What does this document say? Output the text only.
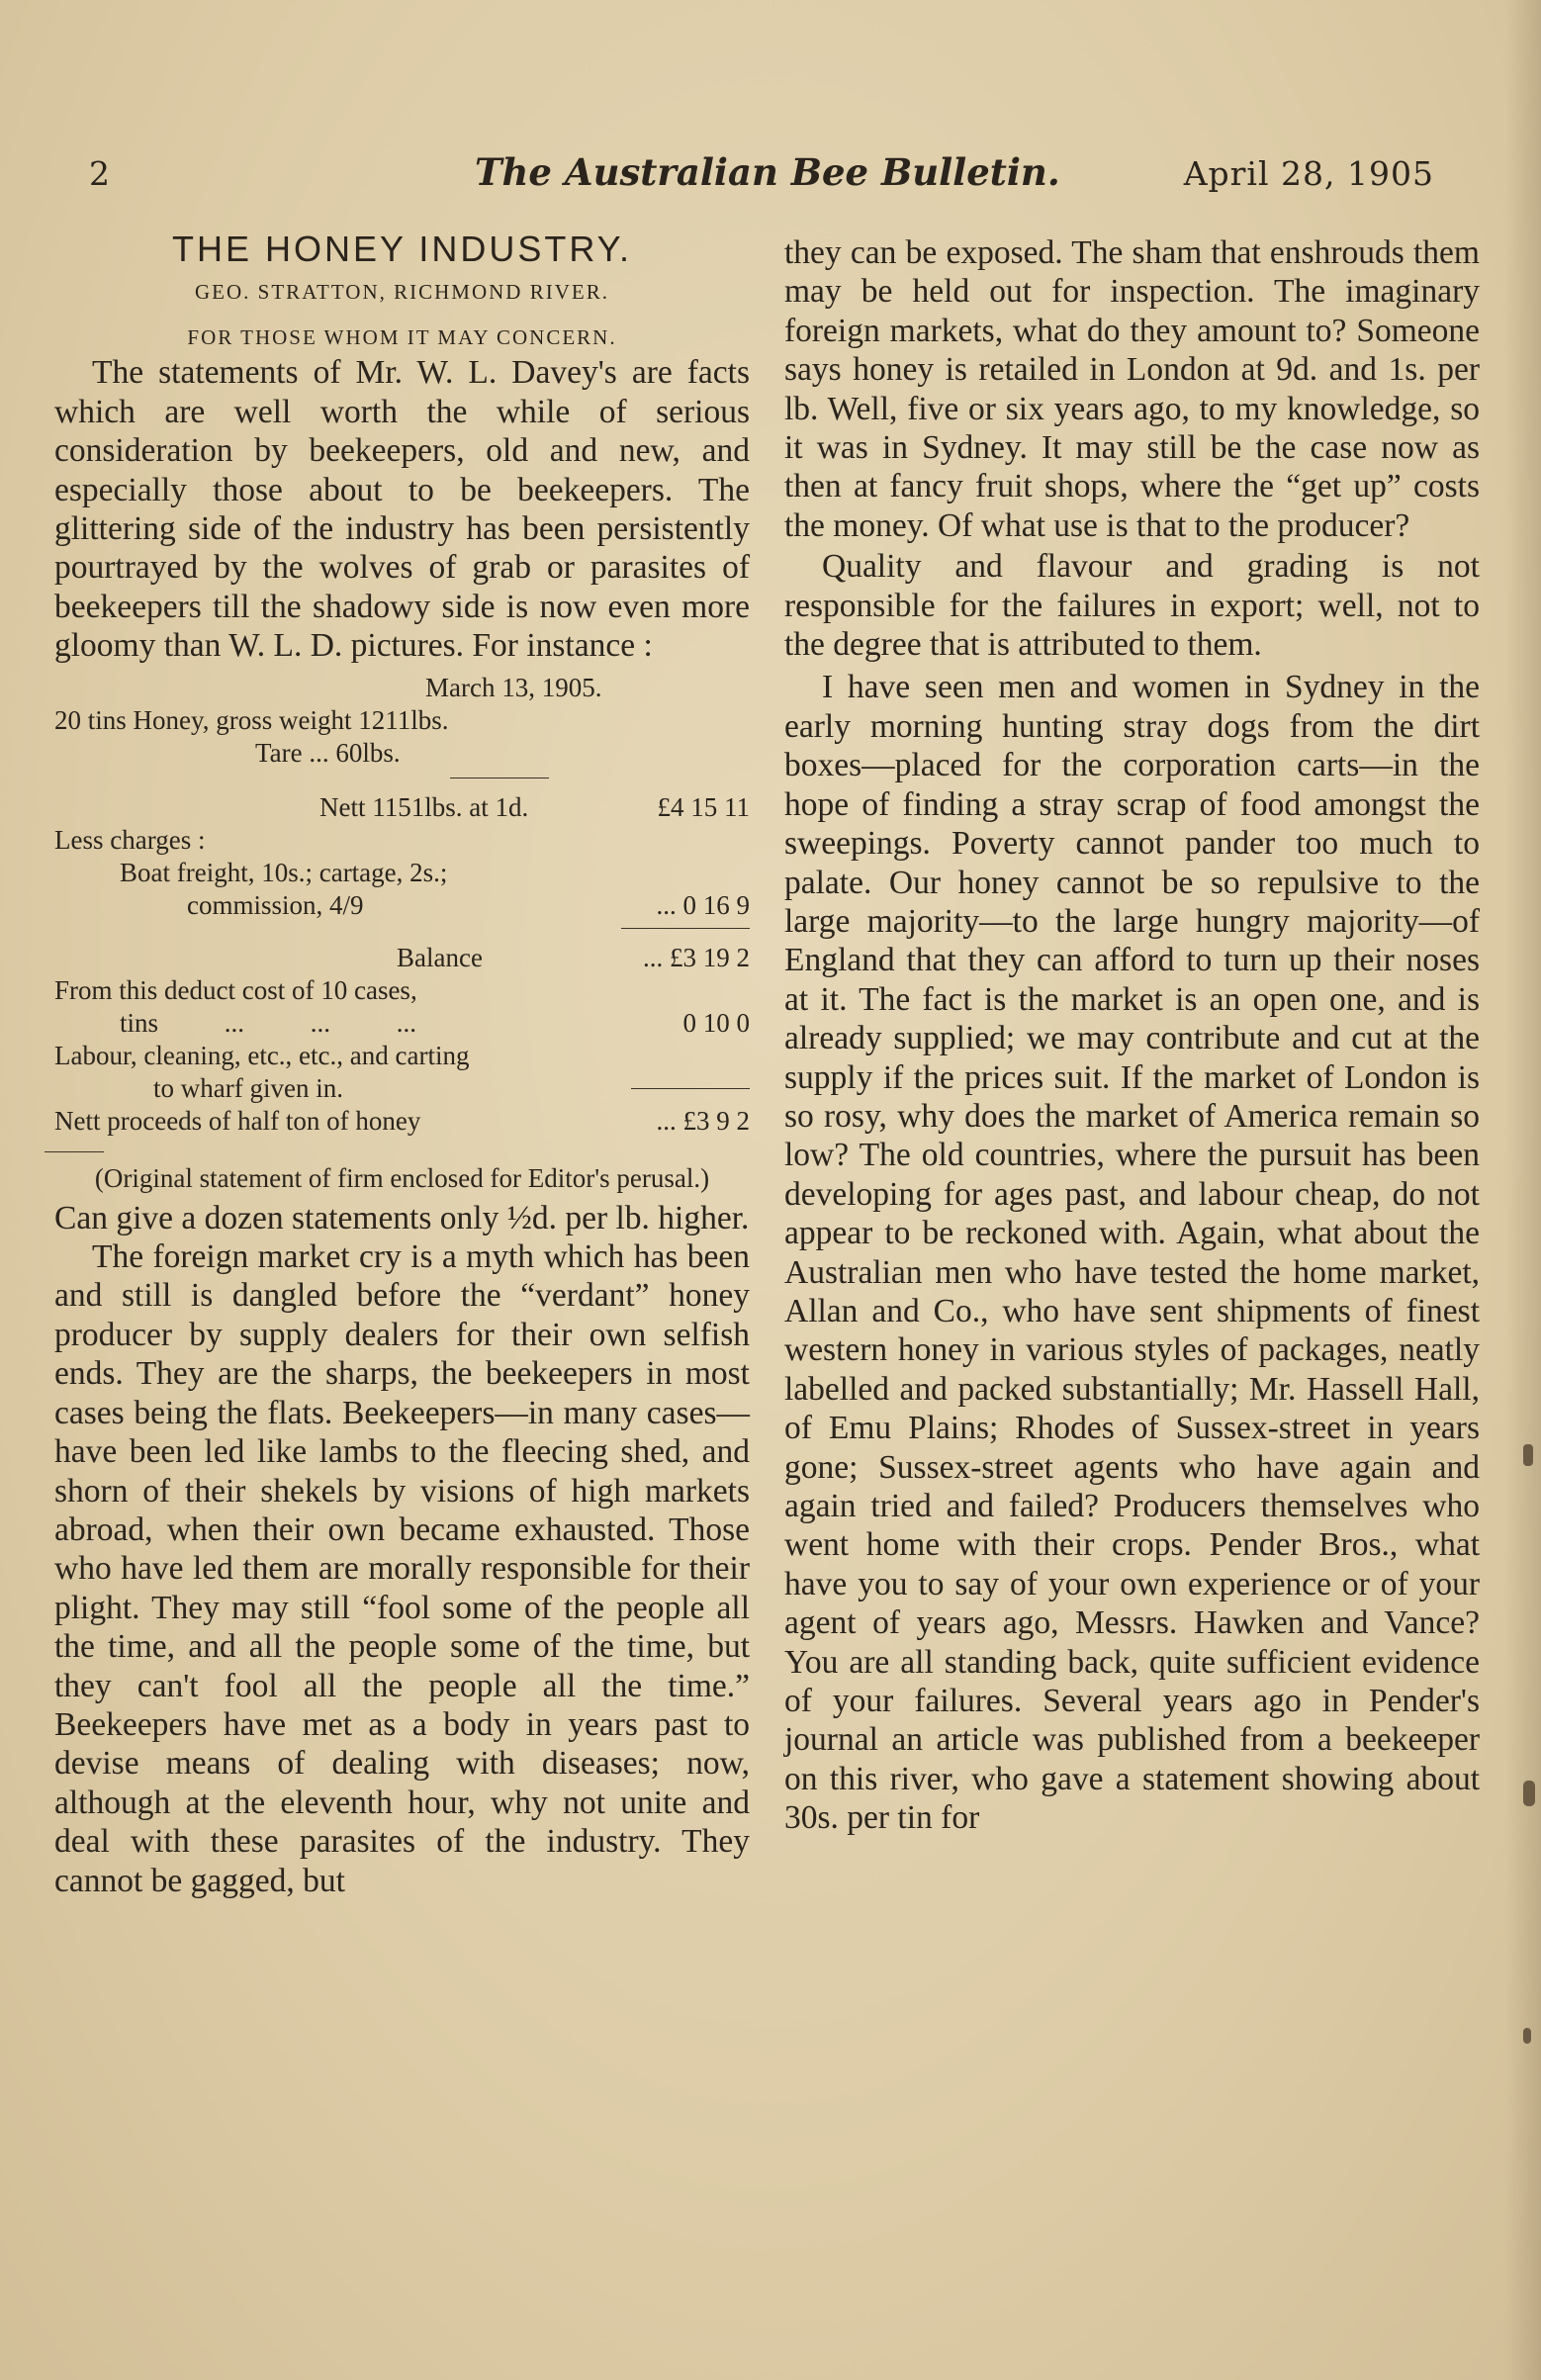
2	The Australian Bee Bulletin.	April 28, 1905
THE HONEY INDUSTRY.

GEO. STRATTON, RICHMOND RIVER.

FOR THOSE WHOM IT MAY CONCERN.

The statements of Mr. W. L. Davey's are facts which are well worth the while of serious consideration by beekeepers, old and new, and especially those about to be beekeepers. The glittering side of the industry has been persistently pourtrayed by the wolves of grab or parasites of beekeepers till the shadowy side is now even more gloomy than W. L. D. pictures. For instance :

March 13, 1905.
20 tins Honey, gross weight 1211lbs.
Tare ... 60lbs.
Nett 1151lbs. at 1d.	£4 15 11
Less charges :
Boat freight, 10s.; cartage, 2s.;
commission, 4/9	... 0 16 9
Balance	... £3 19 2
From this deduct cost of 10 cases,
tins ... ... ...	0 10 0
Labour, cleaning, etc., etc., and carting
to wharf given in.
Nett proceeds of half ton of honey	... £3 9 2

(Original statement of firm enclosed for Editor's perusal.)

Can give a dozen statements only ½d. per lb. higher.

The foreign market cry is a myth which has been and still is dangled before the “verdant” honey producer by supply dealers for their own selfish ends. They are the sharps, the beekeepers in most cases being the flats. Beekeepers—in many cases—have been led like lambs to the fleecing shed, and shorn of their shekels by visions of high markets abroad, when their own became exhausted. Those who have led them are morally responsible for their plight. They may still “fool some of the people all the time, and all the people some of the time, but they can't fool all the people all the time.” Beekeepers have met as a body in years past to devise means of dealing with diseases; now, although at the eleventh hour, why not unite and deal with these parasites of the industry. They cannot be gagged, but

they can be exposed. The sham that enshrouds them may be held out for inspection. The imaginary foreign markets, what do they amount to? Someone says honey is retailed in London at 9d. and 1s. per lb. Well, five or six years ago, to my knowledge, so it was in Sydney. It may still be the case now as then at fancy fruit shops, where the “get up” costs the money. Of what use is that to the producer?

Quality and flavour and grading is not responsible for the failures in export; well, not to the degree that is attributed to them.

I have seen men and women in Sydney in the early morning hunting stray dogs from the dirt boxes—placed for the corporation carts—in the hope of finding a stray scrap of food amongst the sweepings. Poverty cannot pander too much to palate. Our honey cannot be so repulsive to the large majority—to the large hungry majority—of England that they can afford to turn up their noses at it. The fact is the market is an open one, and is already supplied; we may contribute and cut at the supply if the prices suit. If the market of London is so rosy, why does the market of America remain so low? The old countries, where the pursuit has been developing for ages past, and labour cheap, do not appear to be reckoned with. Again, what about the Australian men who have tested the home market, Allan and Co., who have sent shipments of finest western honey in various styles of packages, neatly labelled and packed substantially; Mr. Hassell Hall, of Emu Plains; Rhodes of Sussex-street in years gone; Sussex-street agents who have again and again tried and failed? Producers themselves who went home with their crops. Pender Bros., what have you to say of your own experience or of your agent of years ago, Messrs. Hawken and Vance? You are all standing back, quite sufficient evidence of your failures. Several years ago in Pender's journal an article was published from a beekeeper on this river, who gave a statement showing about 30s. per tin for
